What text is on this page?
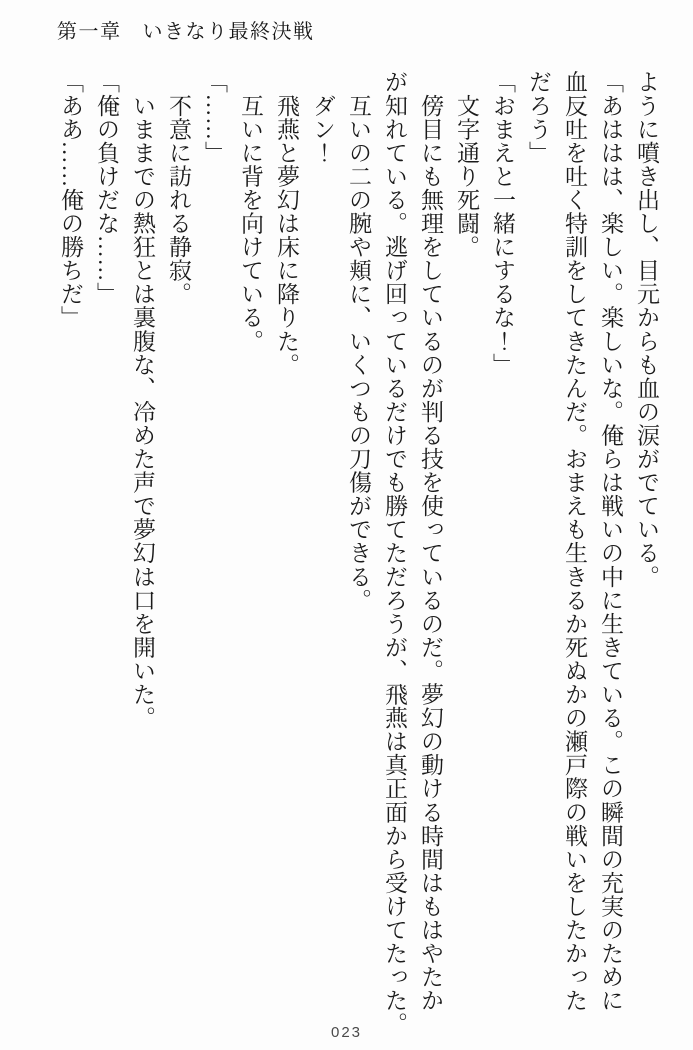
第一章 いきなり最終決戦
ように噴き出し、目元からも血の涙がでている。
「あははは、楽しい。楽しいな。俺らは戦いの中に生きている。この瞬間の充実のために
血反吐を吐く特訓をしてきたんだ。おまえも生きるか死ぬかの瀬戸際の戦いをしたかった
だろう」
「おまえと一緒にするな！」
　文字通り死闘。
　傍目にも無理をしているのが判る技を使っているのだ。夢幻の動ける時間はもはやたか
が知れている。逃げ回っているだけでも勝てただろうが、飛燕は真正面から受けてたった。
　互いの二の腕や頬に、いくつもの刀傷ができる。
　ダン！
　飛燕と夢幻は床に降りた。
　互いに背を向けている。
「……」
　不意に訪れる静寂。
　いままでの熱狂とは裏腹な、冷めた声で夢幻は口を開いた。
「俺の負けだな……」
「ああ……俺の勝ちだ」
023
